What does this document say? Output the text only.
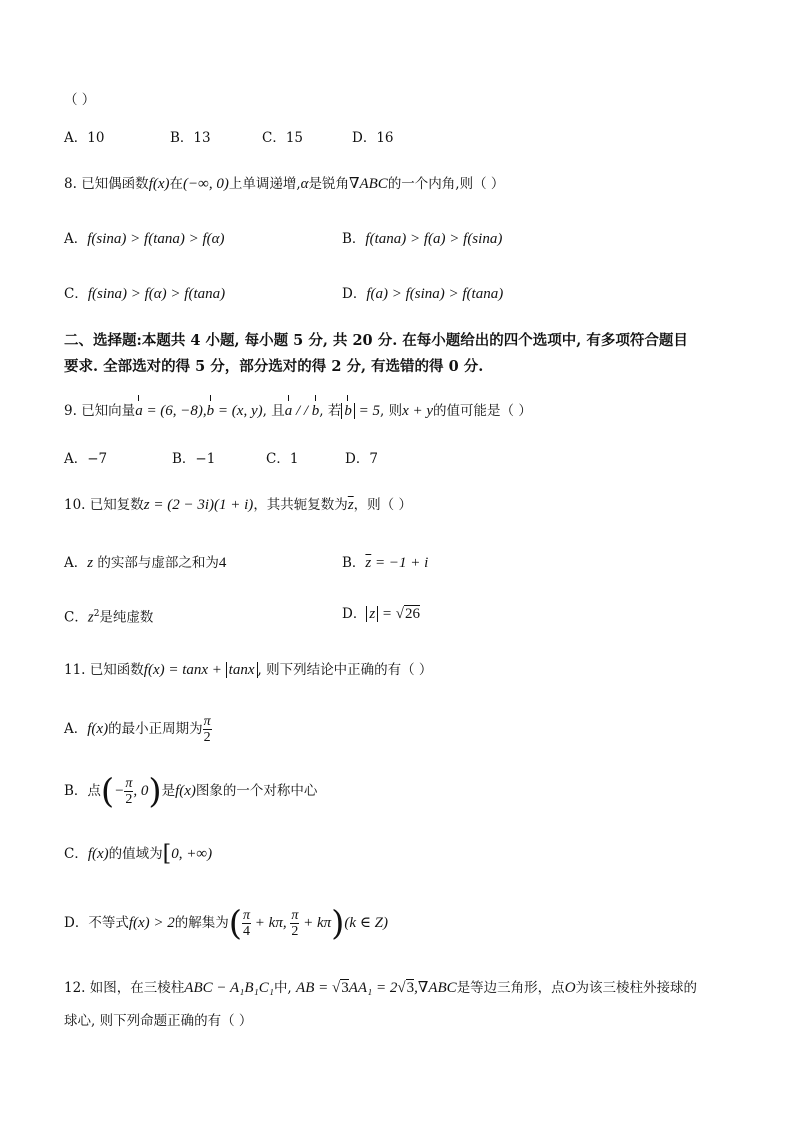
（ ）
A．10	B．13	C．15	D．16
8. 已知偶函数f(x)在(−∞, 0)上单调递增,α是锐角∇ABC的一个内角,则（ ）
A．f(sina) > f(tana) > f(α)	B．f(tana) > f(a) > f(sina)
C．f(sina) > f(α) > f(tana)	D．f(a) > f(sina) > f(tana)
二、选择题:本题共 4 小题, 每小题 5 分, 共 20 分. 在每小题给出的四个选项中, 有多项符合题目
要求. 全部选对的得 5 分，部分选对的得 2 分, 有选错的得 0 分.
9. 已知向量a = (6, −8),b = (x, y), 且a / / b, 若 b = 5, 则x + y的值可能是（ ）
A．−7	B．−1	C．1	D．7
10. 已知复数z = (2 − 3i)(1 + i)，其共轭复数为$\overline{z}$，则（ ）
A．z 的实部与虚部之和为4	B．$\overline{z} = -1 + i$
C．$z^2$是纯虚数	D． z = √26
11. 已知函数f(x) = tanx + tanx , 则下列结论中正确的有（ ）
A．f(x)的最小正周期为 $\frac{\pi}{2}$
B．点(− $\frac{\pi}{2}$ , 0)是f(x)图象的一个对称中心
C．f(x)的值域为[0, +∞)
D．不等式f(x) > 2的解集为( $\frac{\pi}{4} + k\pi$, $\frac{\pi}{2} + k\pi)(k$ ∈ Z)
12. 如图，在三棱柱ABC − A₁B₁C₁中, AB = √3AA₁ = 2√3,∇ABC是等边三角形，点O为该三棱柱外接球的
球心, 则下列命题正确的有（ ）
